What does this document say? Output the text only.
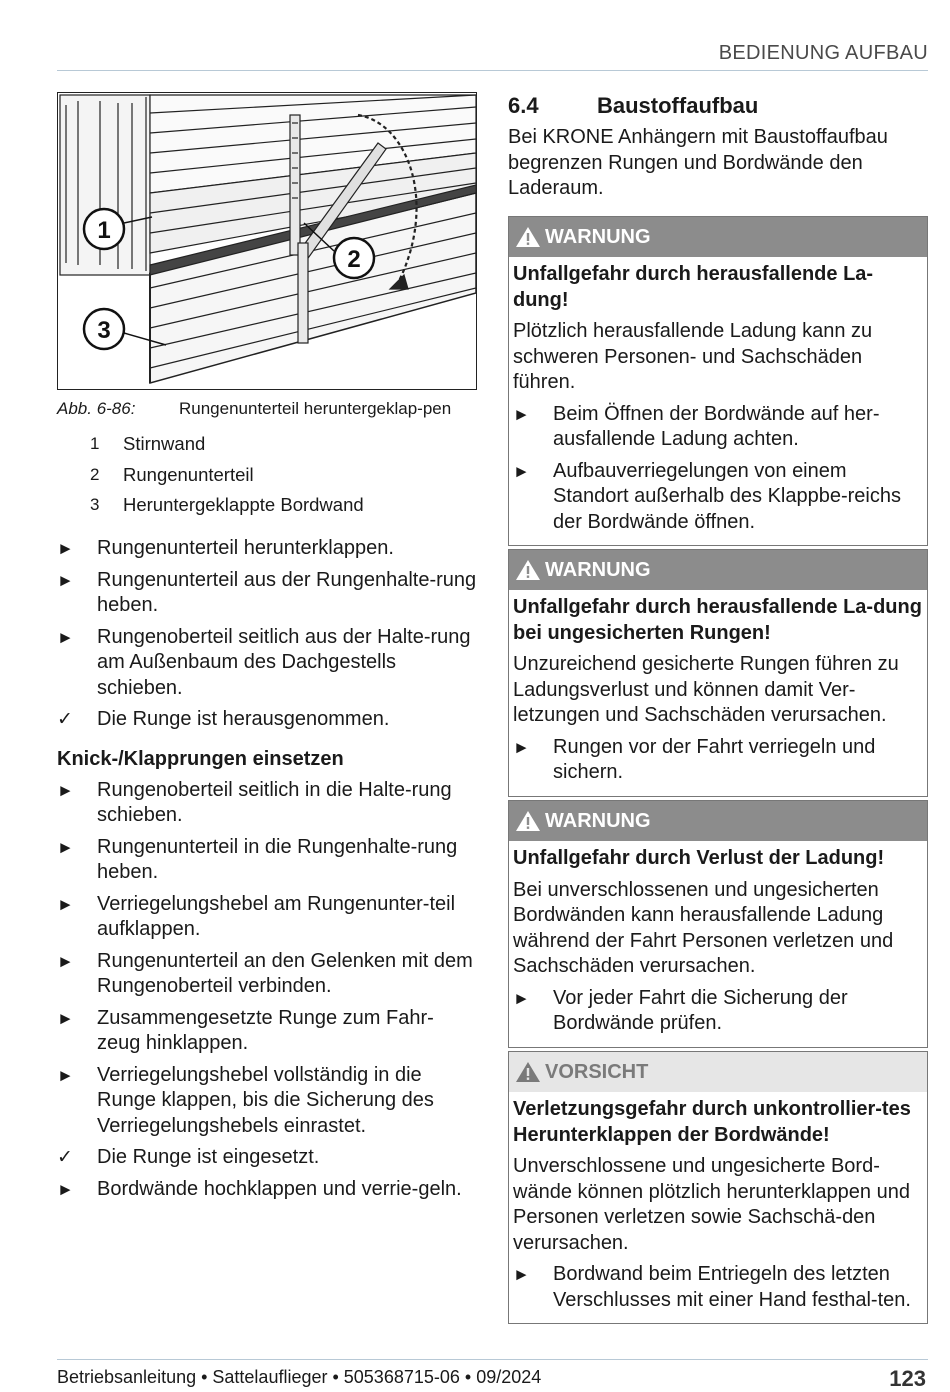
BEDIENUNG AUFBAU
1
2
3
Abb. 6-86:	Rungenunterteil heruntergeklap-pen
1	Stirnwand
2	Rungenunterteil
3	Heruntergeklappte Bordwand
►	Rungenunterteil herunterklappen.
►	Rungenunterteil aus der Rungenhalte-rung heben.
►	Rungenoberteil seitlich aus der Halte-rung am Außenbaum des Dachgestells schieben.
✓	Die Runge ist herausgenommen.
Knick-/Klapprungen einsetzen
►	Rungenoberteil seitlich in die Halte-rung schieben.
►	Rungenunterteil in die Rungenhalte-rung heben.
►	Verriegelungshebel am Rungenunter-teil aufklappen.
►	Rungenunterteil an den Gelenken mit dem Rungenoberteil verbinden.
►	Zusammengesetzte Runge zum Fahr-zeug hinklappen.
►	Verriegelungshebel vollständig in die Runge klappen, bis die Sicherung des Verriegelungshebels einrastet.
✓	Die Runge ist eingesetzt.
►	Bordwände hochklappen und verrie-geln.
6.4	Baustoffaufbau
Bei KRONE Anhängern mit Baustoffaufbau begrenzen Rungen und Bordwände den Laderaum.
WARNUNG
Unfallgefahr durch herausfallende La-dung!
Plötzlich herausfallende Ladung kann zu schweren Personen- und Sachschäden führen.
►	Beim Öffnen der Bordwände auf her-ausfallende Ladung achten.
►	Aufbauverriegelungen von einem Standort außerhalb des Klappbe-reichs der Bordwände öffnen.
WARNUNG
Unfallgefahr durch herausfallende La-dung bei ungesicherten Rungen!
Unzureichend gesicherte Rungen führen zu Ladungsverlust und können damit Ver-letzungen und Sachschäden verursachen.
►	Rungen vor der Fahrt verriegeln und sichern.
WARNUNG
Unfallgefahr durch Verlust der Ladung!
Bei unverschlossenen und ungesicherten Bordwänden kann herausfallende Ladung während der Fahrt Personen verletzen und Sachschäden verursachen.
►	Vor jeder Fahrt die Sicherung der Bordwände prüfen.
VORSICHT
Verletzungsgefahr durch unkontrollier-tes Herunterklappen der Bordwände!
Unverschlossene und ungesicherte Bord-wände können plötzlich herunterklappen und Personen verletzen sowie Sachschä-den verursachen.
►	Bordwand beim Entriegeln des letzten Verschlusses mit einer Hand festhal-ten.
Betriebsanleitung • Sattelauflieger • 505368715-06 • 09/2024	123
